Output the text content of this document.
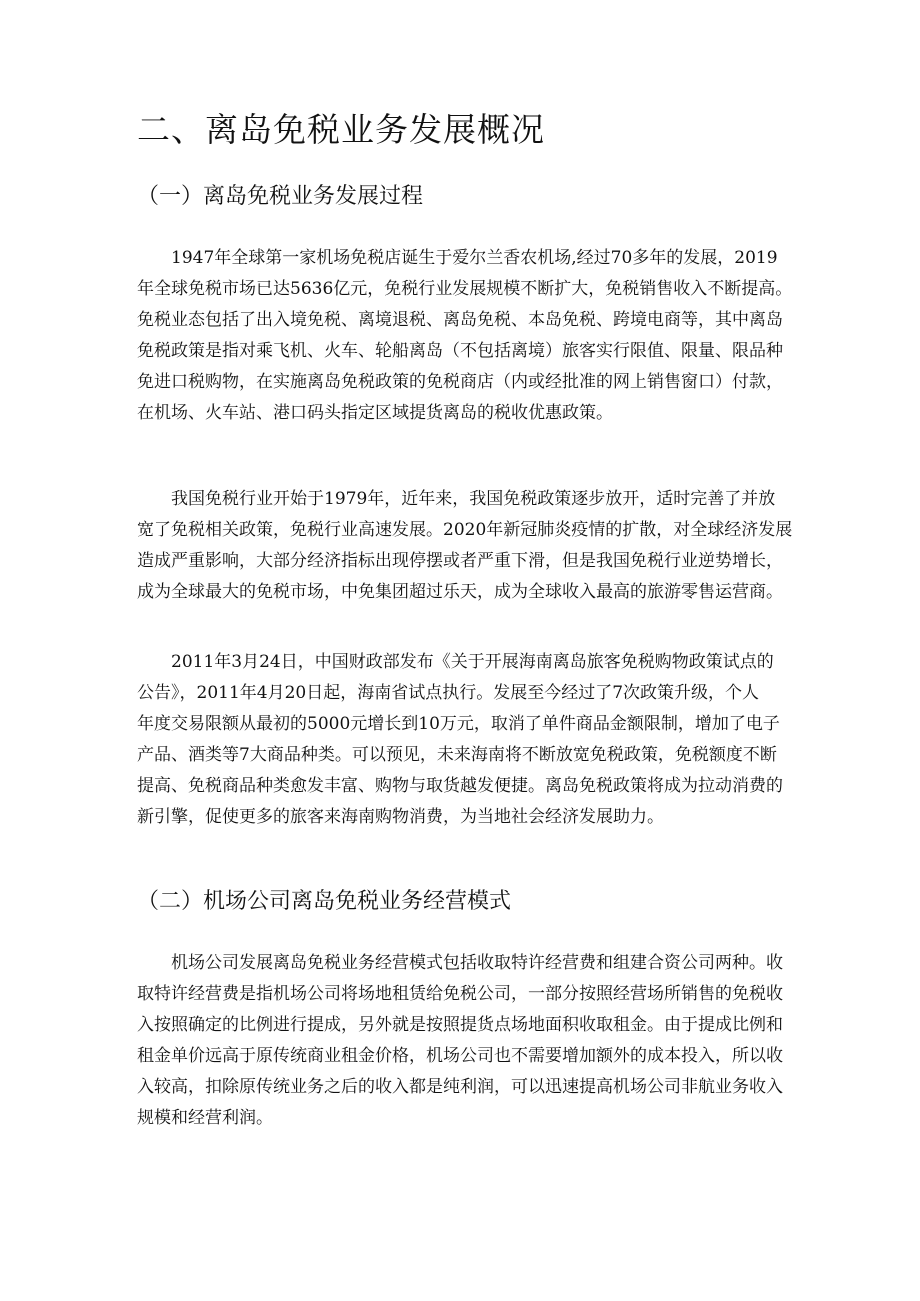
二、离岛免税业务发展概况
（一）离岛免税业务发展过程
1947年全球第一家机场免税店诞生于爱尔兰香农机场,经过70多年的发展，2019
年全球免税市场已达5636亿元，免税行业发展规模不断扩大，免税销售收入不断提高。
免税业态包括了出入境免税、离境退税、离岛免税、本岛免税、跨境电商等，其中离岛
免税政策是指对乘飞机、火车、轮船离岛（不包括离境）旅客实行限值、限量、限品种
免进口税购物，在实施离岛免税政策的免税商店（内或经批准的网上销售窗口）付款，
在机场、火车站、港口码头指定区域提货离岛的税收优惠政策。
我国免税行业开始于1979年，近年来，我国免税政策逐步放开，适时完善了并放
宽了免税相关政策，免税行业高速发展。2020年新冠肺炎疫情的扩散，对全球经济发展
造成严重影响，大部分经济指标出现停摆或者严重下滑，但是我国免税行业逆势增长，
成为全球最大的免税市场，中免集团超过乐天，成为全球收入最高的旅游零售运营商。
2011年3月24日，中国财政部发布《关于开展海南离岛旅客免税购物政策试点的
公告》，2011年4月20日起，海南省试点执行。发展至今经过了7次政策升级，个人
年度交易限额从最初的5000元增长到10万元，取消了单件商品金额限制，增加了电子
产品、酒类等7大商品种类。可以预见，未来海南将不断放宽免税政策，免税额度不断
提高、免税商品种类愈发丰富、购物与取货越发便捷。离岛免税政策将成为拉动消费的
新引擎，促使更多的旅客来海南购物消费，为当地社会经济发展助力。
（二）机场公司离岛免税业务经营模式
机场公司发展离岛免税业务经营模式包括收取特许经营费和组建合资公司两种。收
取特许经营费是指机场公司将场地租赁给免税公司，一部分按照经营场所销售的免税收
入按照确定的比例进行提成，另外就是按照提货点场地面积收取租金。由于提成比例和
租金单价远高于原传统商业租金价格，机场公司也不需要增加额外的成本投入，所以收
入较高，扣除原传统业务之后的收入都是纯利润，可以迅速提高机场公司非航业务收入
规模和经营利润。
